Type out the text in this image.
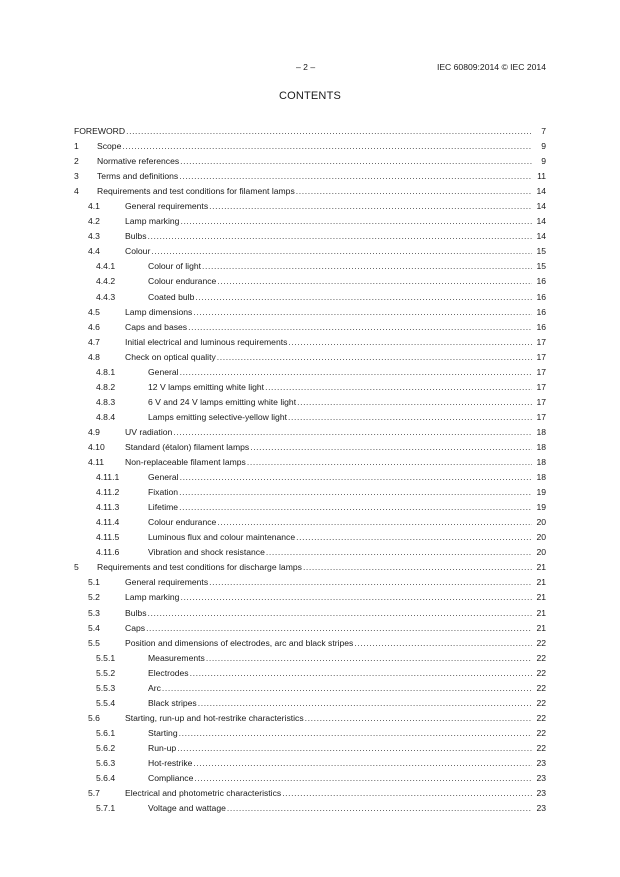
– 2 –	IEC 60809:2014 © IEC 2014
CONTENTS
FOREWORD .....	7
1 Scope .....	9
2 Normative references .....	9
3 Terms and definitions .....	11
4 Requirements and test conditions for filament lamps .....	14
4.1	General requirements .....	14
4.2	Lamp marking .....	14
4.3	Bulbs .....	14
4.4	Colour .....	15
4.4.1	Colour of light .....	15
4.4.2	Colour endurance .....	16
4.4.3	Coated bulb .....	16
4.5	Lamp dimensions .....	16
4.6	Caps and bases .....	16
4.7	Initial electrical and luminous requirements .....	17
4.8	Check on optical quality .....	17
4.8.1	General .....	17
4.8.2	12 V lamps emitting white light .....	17
4.8.3	6 V and 24 V lamps emitting white light .....	17
4.8.4	Lamps emitting selective-yellow light .....	17
4.9	UV radiation .....	18
4.10 Standard (étalon) filament lamps .....	18
4.11 Non-replaceable filament lamps .....	18
4.11.1	General .....	18
4.11.2	Fixation .....	19
4.11.3	Lifetime .....	19
4.11.4	Colour endurance .....	20
4.11.5	Luminous flux and colour maintenance .....	20
4.11.6	Vibration and shock resistance .....	20
5 Requirements and test conditions for discharge lamps .....	21
5.1	General requirements .....	21
5.2	Lamp marking .....	21
5.3	Bulbs .....	21
5.4	Caps .....	21
5.5	Position and dimensions of electrodes, arc and black stripes .....	22
5.5.1	Measurements .....	22
5.5.2	Electrodes .....	22
5.5.3	Arc .....	22
5.5.4	Black stripes .....	22
5.6	Starting, run-up and hot-restrike characteristics .....	22
5.6.1	Starting .....	22
5.6.2	Run-up .....	22
5.6.3	Hot-restrike .....	23
5.6.4	Compliance .....	23
5.7	Electrical and photometric characteristics .....	23
5.7.1	Voltage and wattage .....	23
